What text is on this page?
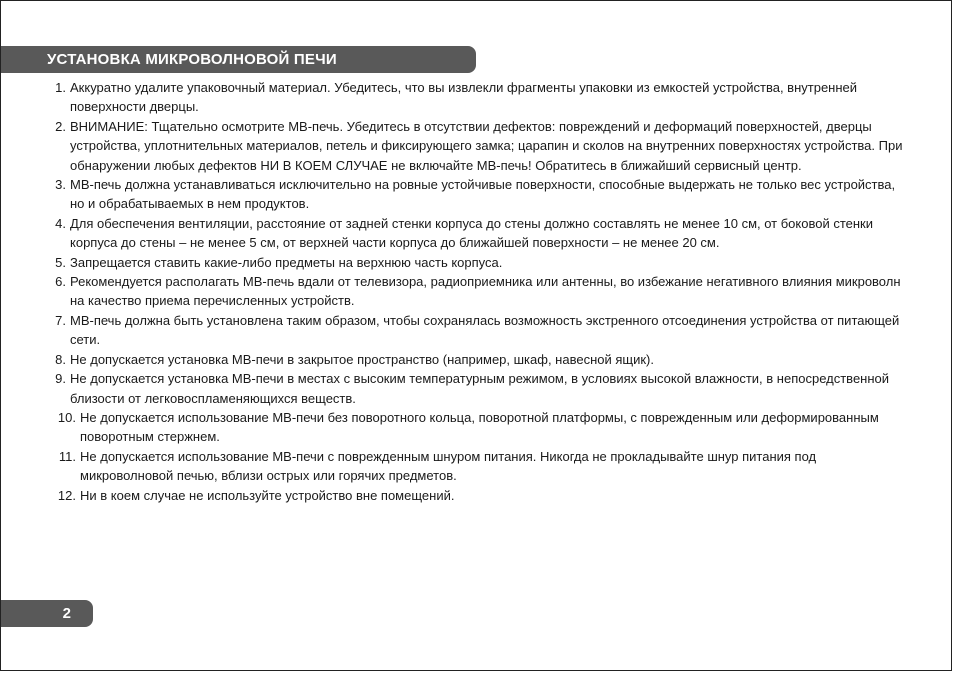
УСТАНОВКА МИКРОВОЛНОВОЙ ПЕЧИ
1. Аккуратно удалите упаковочный материал. Убедитесь, что вы извлекли фрагменты упаковки из емкостей устройства, внутренней поверхности дверцы.
2. ВНИМАНИЕ: Тщательно осмотрите МВ-печь. Убедитесь в отсутствии дефектов: повреждений и деформаций поверхностей, дверцы устройства, уплотнительных материалов, петель и фиксирующего замка; царапин и сколов на внутренних поверхностях устройства. При обнаружении любых дефектов НИ В КОЕМ СЛУЧАЕ не включайте МВ-печь! Обратитесь в ближайший сервисный центр.
3. МВ-печь должна устанавливаться исключительно на ровные устойчивые поверхности, способные выдержать не только вес устройства, но и обрабатываемых в нем продуктов.
4. Для обеспечения вентиляции, расстояние от задней стенки корпуса до стены должно составлять не менее 10 см, от боковой стенки корпуса до стены – не менее 5 см, от верхней части корпуса до ближайшей поверхности – не менее 20 см.
5. Запрещается ставить какие-либо предметы на верхнюю часть корпуса.
6. Рекомендуется располагать МВ-печь вдали от телевизора, радиоприемника или антенны, во избежание негативного влияния микроволн на качество приема перечисленных устройств.
7. МВ-печь должна быть установлена таким образом, чтобы сохранялась возможность экстренного отсоединения устройства от питающей сети.
8. Не допускается установка МВ-печи в закрытое пространство (например, шкаф, навесной ящик).
9. Не допускается установка МВ-печи в местах с высоким температурным режимом, в условиях высокой влажности, в непосредственной близости от легковоспламеняющихся веществ.
10. Не допускается использование МВ-печи без поворотного кольца, поворотной платформы, с поврежденным или деформированным поворотным стержнем.
11. Не допускается использование МВ-печи с поврежденным шнуром питания. Никогда не прокладывайте шнур питания под микроволновой печью, вблизи острых или горячих предметов.
12. Ни в коем случае не используйте устройство вне помещений.
2
